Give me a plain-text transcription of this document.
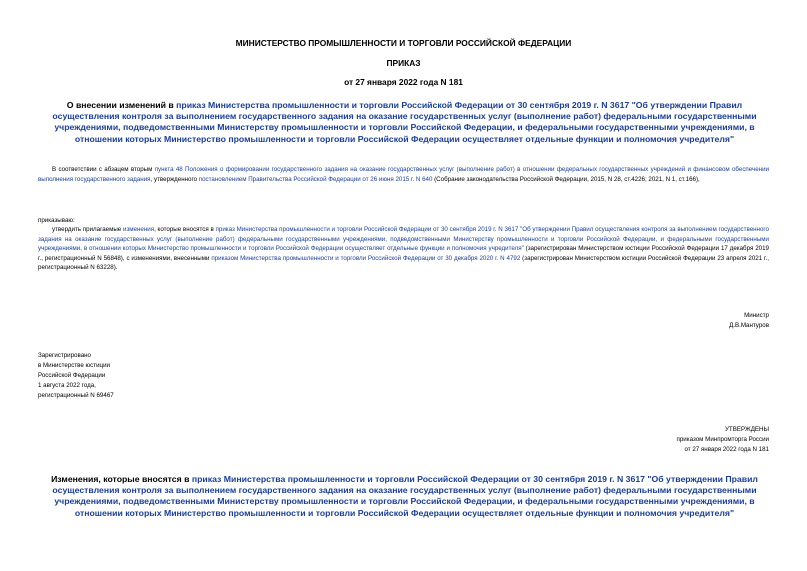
МИНИСТЕРСТВО ПРОМЫШЛЕННОСТИ И ТОРГОВЛИ РОССИЙСКОЙ ФЕДЕРАЦИИ
ПРИКАЗ
от 27 января 2022 года N 181
О внесении изменений в приказ Министерства промышленности и торговли Российской Федерации от 30 сентября 2019 г. N 3617 "Об утверждении Правил осуществления контроля за выполнением государственного задания на оказание государственных услуг (выполнение работ) федеральными государственными учреждениями, подведомственными Министерству промышленности и торговли Российской Федерации, и федеральными государственными учреждениями, в отношении которых Министерство промышленности и торговли Российской Федерации осуществляет отдельные функции и полномочия учредителя"
В соответствии с абзацем вторым пункта 48 Положения о формировании государственного задания на оказание государственных услуг (выполнение работ) в отношении федеральных государственных учреждений и финансовом обеспечении выполнения государственного задания, утвержденного постановлением Правительства Российской Федерации от 26 июня 2015 г. N 640 (Собрание законодательства Российской Федерации, 2015, N 28, ст.4226; 2021, N 1, ст.166),
приказываю:
утвердить прилагаемые изменения, которые вносятся в приказ Министерства промышленности и торговли Российской Федерации от 30 сентября 2019 г. N 3617 "Об утверждении Правил осуществления контроля за выполнением государственного задания на оказание государственных услуг (выполнение работ) федеральными государственными учреждениями, подведомственными Министерству промышленности и торговли Российской Федерации, и федеральными государственными учреждениями, в отношении которых Министерство промышленности и торговли Российской Федерации осуществляет отдельные функции и полномочия учредителя" (зарегистрирован Министерством юстиции Российской Федерации 17 декабря 2019 г., регистрационный N 56848), с изменениями, внесенными приказом Министерства промышленности и торговли Российской Федерации от 30 декабря 2020 г. N 4792 (зарегистрирован Министерством юстиции Российской Федерации 23 апреля 2021 г., регистрационный N 63228).
Министр
Д.В.Мантуров
Зарегистрировано
в Министерстве юстиции
Российской Федерации
1 августа 2022 года,
регистрационный N 69467
УТВЕРЖДЕНЫ
приказом Минпромторга России
от 27 января 2022 года N 181
Изменения, которые вносятся в приказ Министерства промышленности и торговли Российской Федерации от 30 сентября 2019 г. N 3617 "Об утверждении Правил осуществления контроля за выполнением государственного задания на оказание государственных услуг (выполнение работ) федеральными государственными учреждениями, подведомственными Министерству промышленности и торговли Российской Федерации, и федеральными государственными учреждениями, в отношении которых Министерство промышленности и торговли Российской Федерации осуществляет отдельные функции и полномочия учредителя"
